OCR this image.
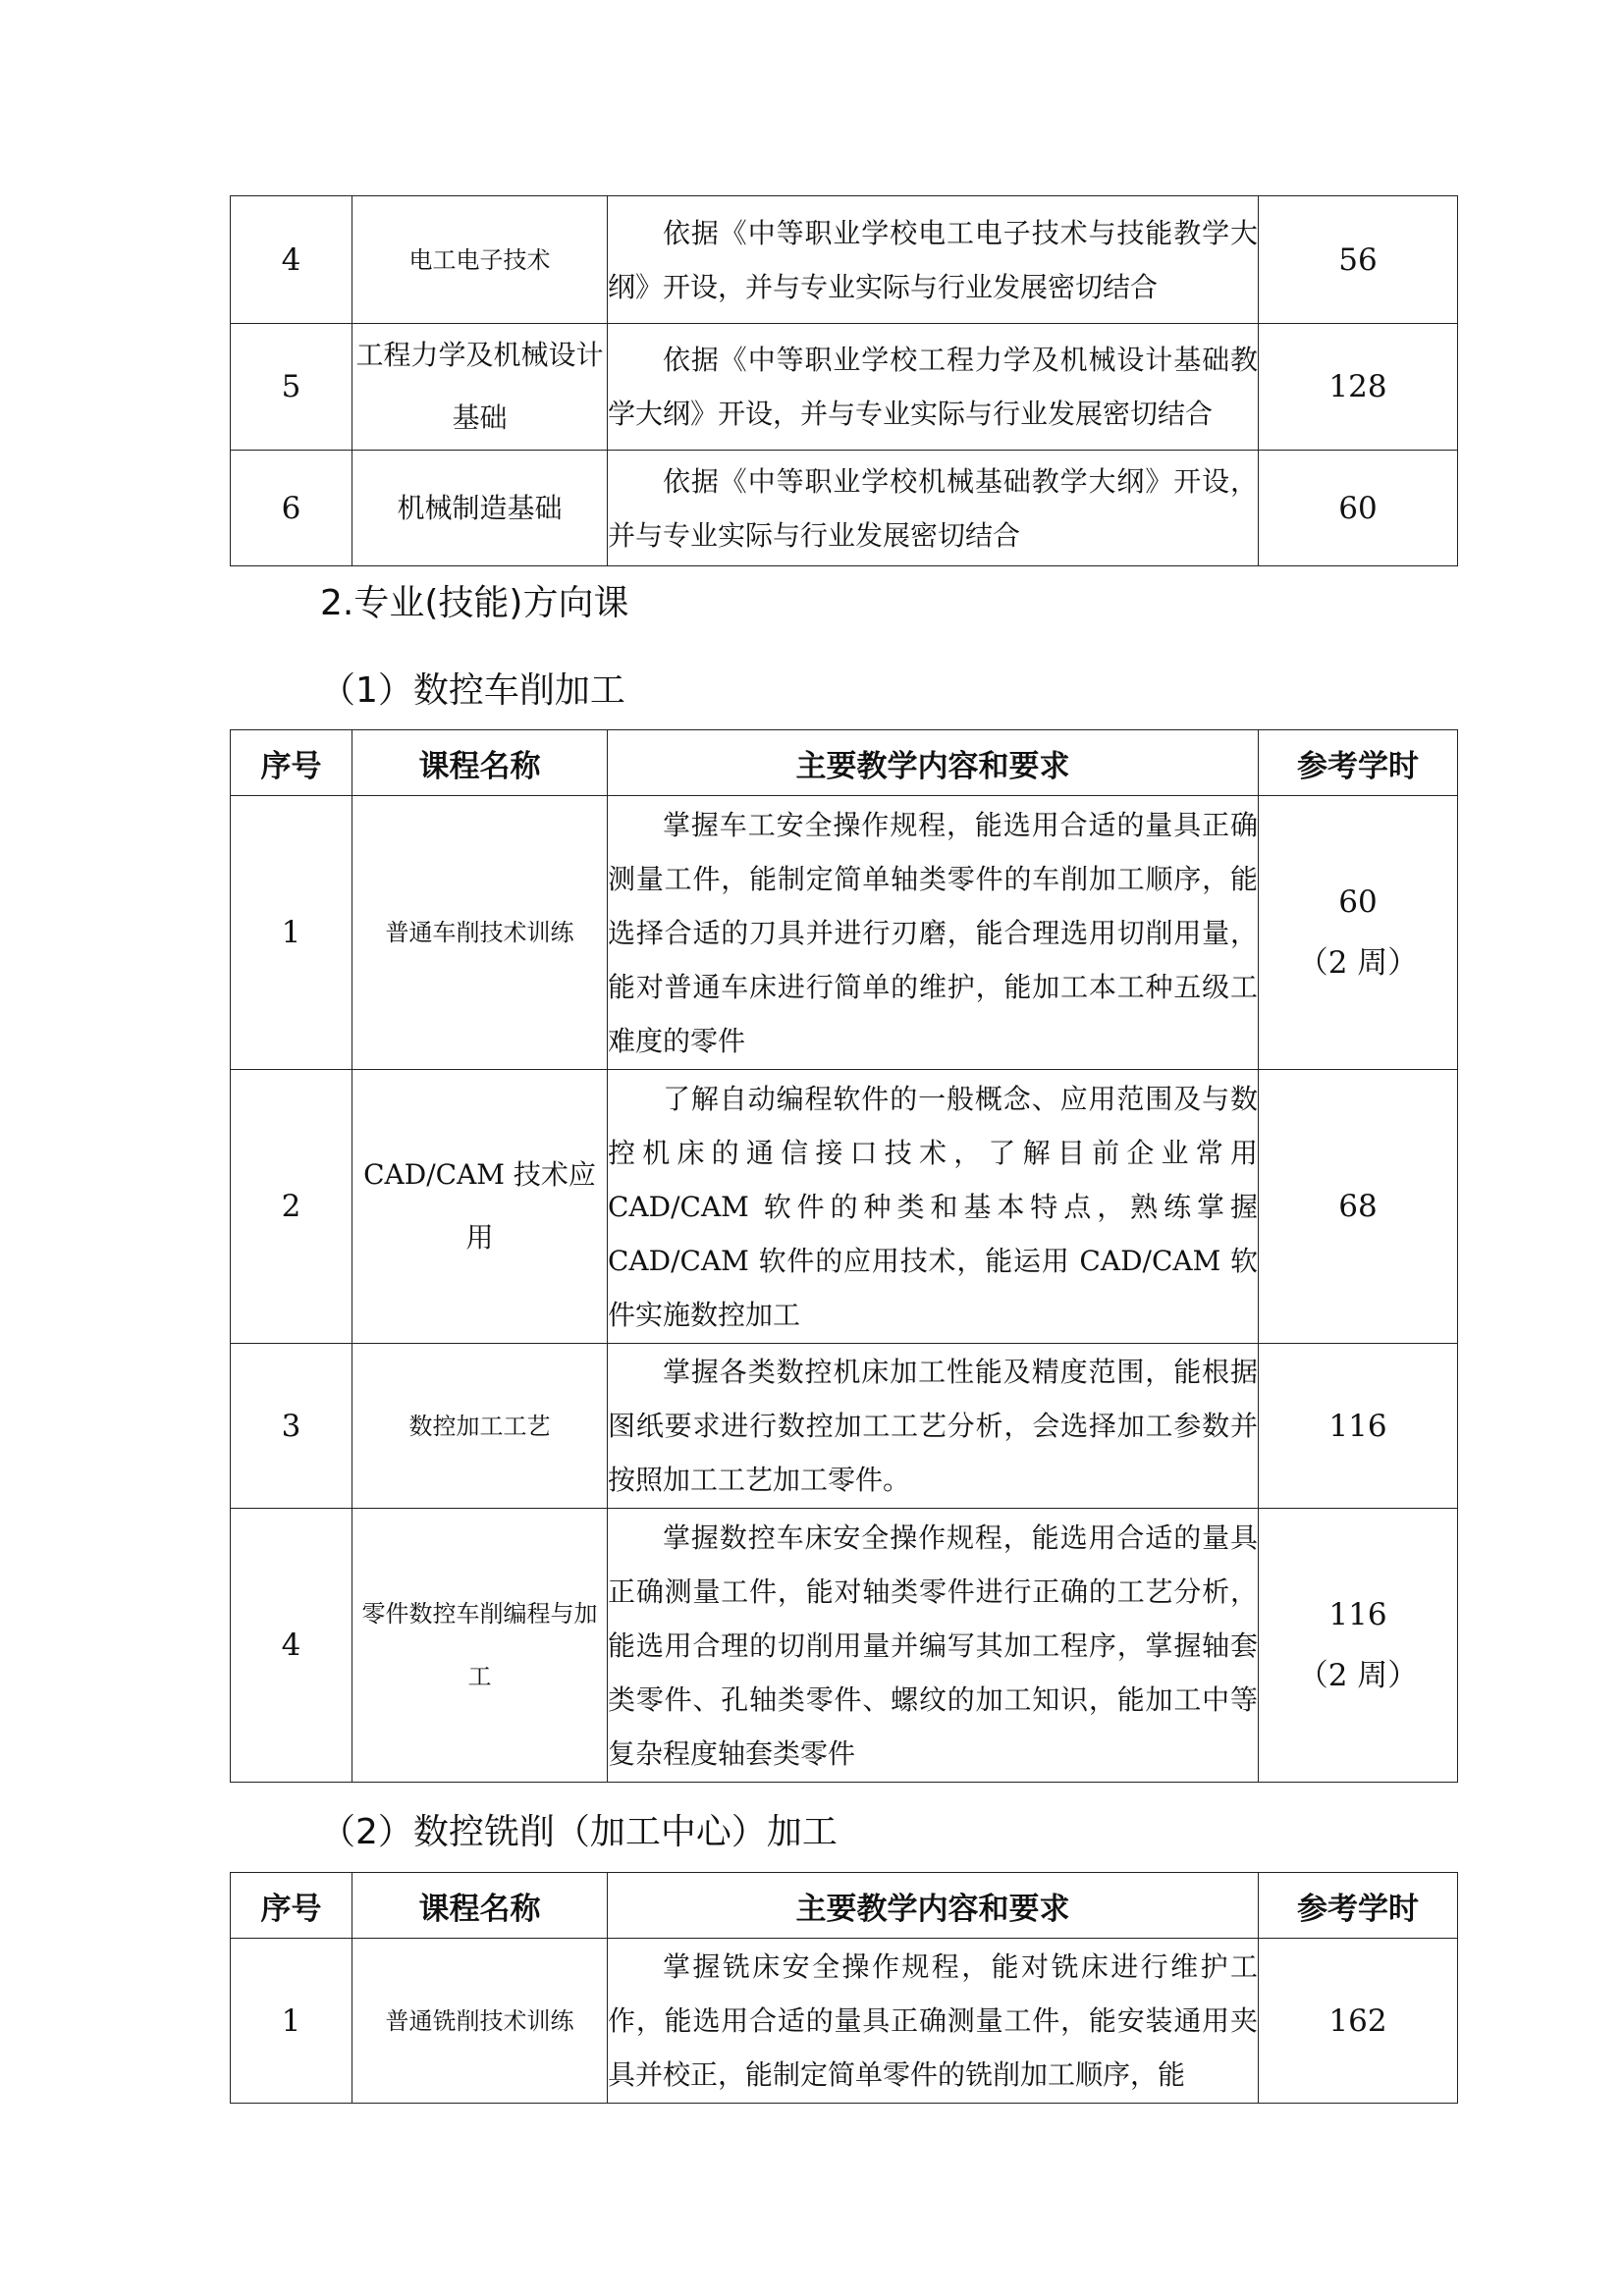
4	电工电子技术	依据《中等职业学校电工电子技术与技能教学大纲》开设，并与专业实际与行业发展密切结合	56
5	工程力学及机械设计基础	依据《中等职业学校工程力学及机械设计基础教学大纲》开设，并与专业实际与行业发展密切结合	128
6	机械制造基础	依据《中等职业学校机械基础教学大纲》开设，并与专业实际与行业发展密切结合	60
2.专业(技能)方向课
（1）数控车削加工
序号	课程名称	主要教学内容和要求	参考学时
1	普通车削技术训练	掌握车工安全操作规程，能选用合适的量具正确测量工件，能制定简单轴类零件的车削加工顺序，能选择合适的刀具并进行刃磨，能合理选用切削用量，能对普通车床进行简单的维护，能加工本工种五级工难度的零件	60
（2 周）

2	CAD/CAM 技术应用	了解自动编程软件的一般概念、应用范围及与数控机床的通信接口技术，了解目前企业常用 CAD/CAM 软件的种类和基本特点，熟练掌握 CAD/CAM 软件的应用技术，能运用 CAD/CAM 软件实施数控加工	68
3	数控加工工艺	掌握各类数控机床加工性能及精度范围，能根据图纸要求进行数控加工工艺分析，会选择加工参数并按照加工工艺加工零件。	116
4	零件数控车削编程与加工	掌握数控车床安全操作规程，能选用合适的量具正确测量工件，能对轴类零件进行正确的工艺分析，能选用合理的切削用量并编写其加工程序，掌握轴套类零件、孔轴类零件、螺纹的加工知识，能加工中等复杂程度轴套类零件	116
（2 周）
（2）数控铣削（加工中心）加工
序号	课程名称	主要教学内容和要求	参考学时
1	普通铣削技术训练	掌握铣床安全操作规程，能对铣床进行维护工作，能选用合适的量具正确测量工件，能安装通用夹具并校正，能制定简单零件的铣削加工顺序，能	162
